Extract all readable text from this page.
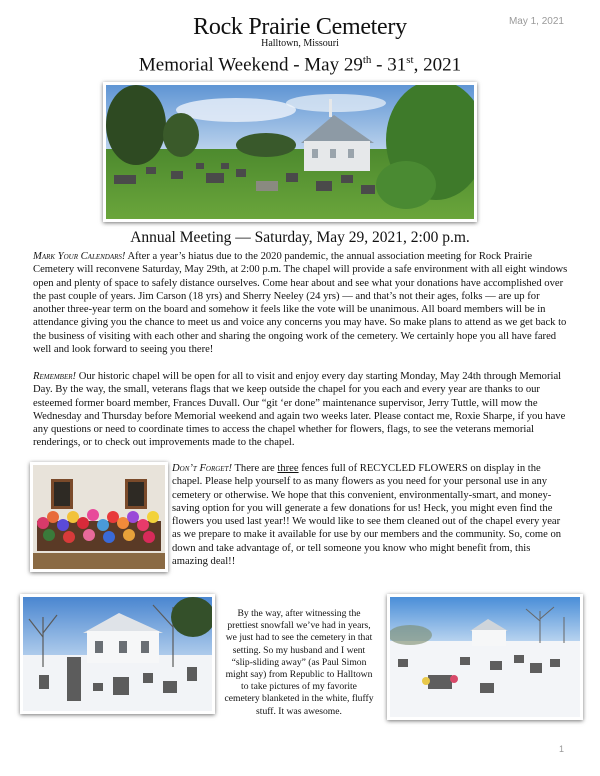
May 1, 2021
Rock Prairie Cemetery
Halltown, Missouri
Memorial Weekend - May 29th - 31st, 2021
Annual Meeting — Saturday, May 29, 2021, 2:00 p.m.

Mark Your Calendars! After a year’s hiatus due to the 2020 pandemic, the annual association meeting for Rock Prairie Cemetery will reconvene Saturday, May 29th, at 2:00 p.m. The chapel will provide a safe environment with all eight windows open and plenty of space to safely distance ourselves. Come hear about and see what your donations have accomplished over the past couple of years. Jim Carson (18 yrs) and Sherry Neeley (24 yrs) — and that’s not their ages, folks — are up for another three-year term on the board and somehow it feels like the vote will be unanimous. All board members will be in attendance giving you the chance to meet us and voice any concerns you may have. So make plans to attend as we get back to the business of visiting with each other and sharing the ongoing work of the cemetery. We certainly hope you all have fared well and look forward to seeing you there!

Remember! Our historic chapel will be open for all to visit and enjoy every day starting Monday, May 24th through Memorial Day. By the way, the small, veterans flags that we keep outside the chapel for you each and every year are thanks to our esteemed former board member, Frances Duvall. Our “git ‘er done” maintenance supervisor, Jerry Tuttle, will mow the Wednesday and Thursday before Memorial weekend and again two weeks later. Please contact me, Roxie Sharpe, if you have any questions or need to coordinate times to access the chapel whether for flowers, flags, to see the veterans memorial renderings, or to check out improvements made to the chapel.

Don’t Forget! There are three fences full of RECYCLED FLOWERS on display in the chapel. Please help yourself to as many flowers as you need for your personal use in any cemetery or otherwise. We hope that this convenient, environmentally-smart, and money-saving option for you will generate a few donations for us! Heck, you might even find the flowers you used last year!! We would like to see them cleaned out of the chapel every year as we prepare to make it available for use by our members and the community. So, come on down and take advantage of, or tell someone you know who might benefit from, this amazing deal!!

By the way, after witnessing the prettiest snowfall we’ve had in years, we just had to see the cemetery in that setting. So my husband and I went “slip-sliding away” (as Paul Simon might say) from Republic to Halltown to take pictures of my favorite cemetery blanketed in the white, fluffy stuff. It was awesome.
1
